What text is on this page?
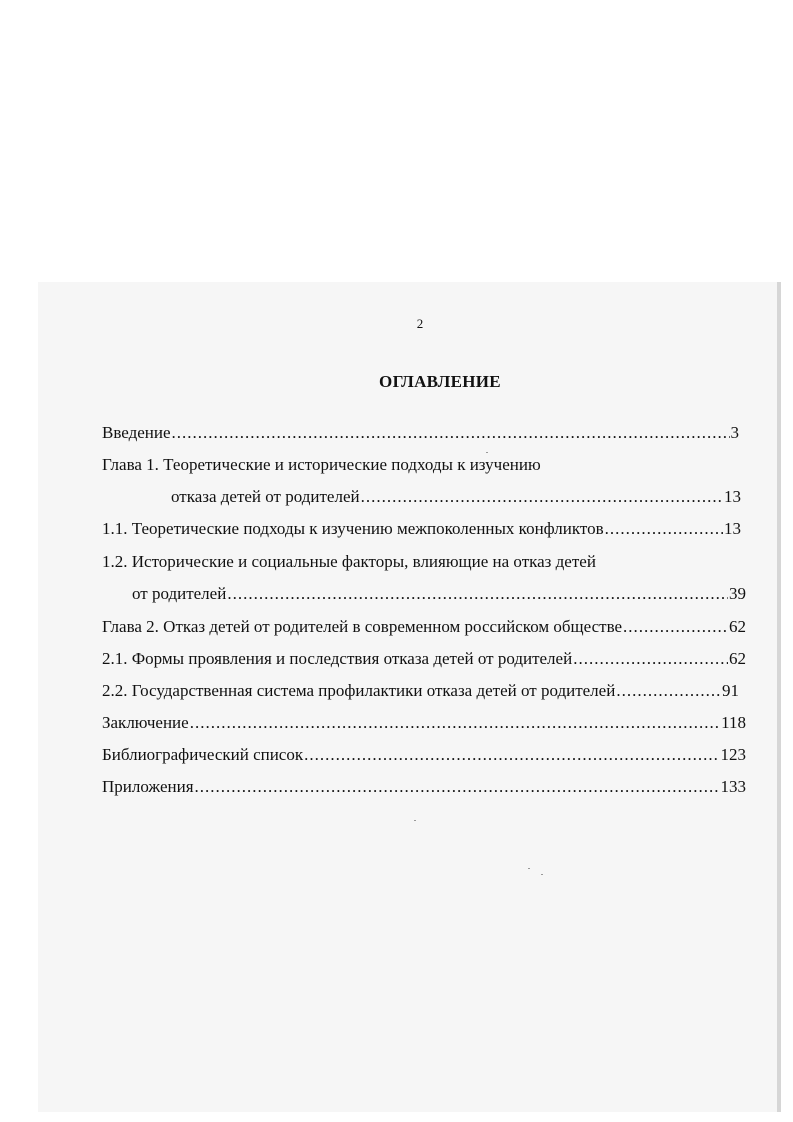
2
ОГЛАВЛЕНИЕ
Введение .....	3
Глава 1. Теоретические и исторические подходы к изучению
отказа детей от родителей .....	13
1.1. Теоретические подходы к изучению межпоколенных конфликтов .....	13
1.2. Исторические и социальные факторы, влияющие на отказ детей
от родителей .....	39
Глава 2. Отказ детей от родителей в современном российском обществе .....	62
2.1. Формы проявления и последствия отказа детей от родителей .....	62
2.2. Государственная система профилактики отказа детей от родителей .....	91
Заключение .....	118
Библиографический список .....	123
Приложения .....	133
